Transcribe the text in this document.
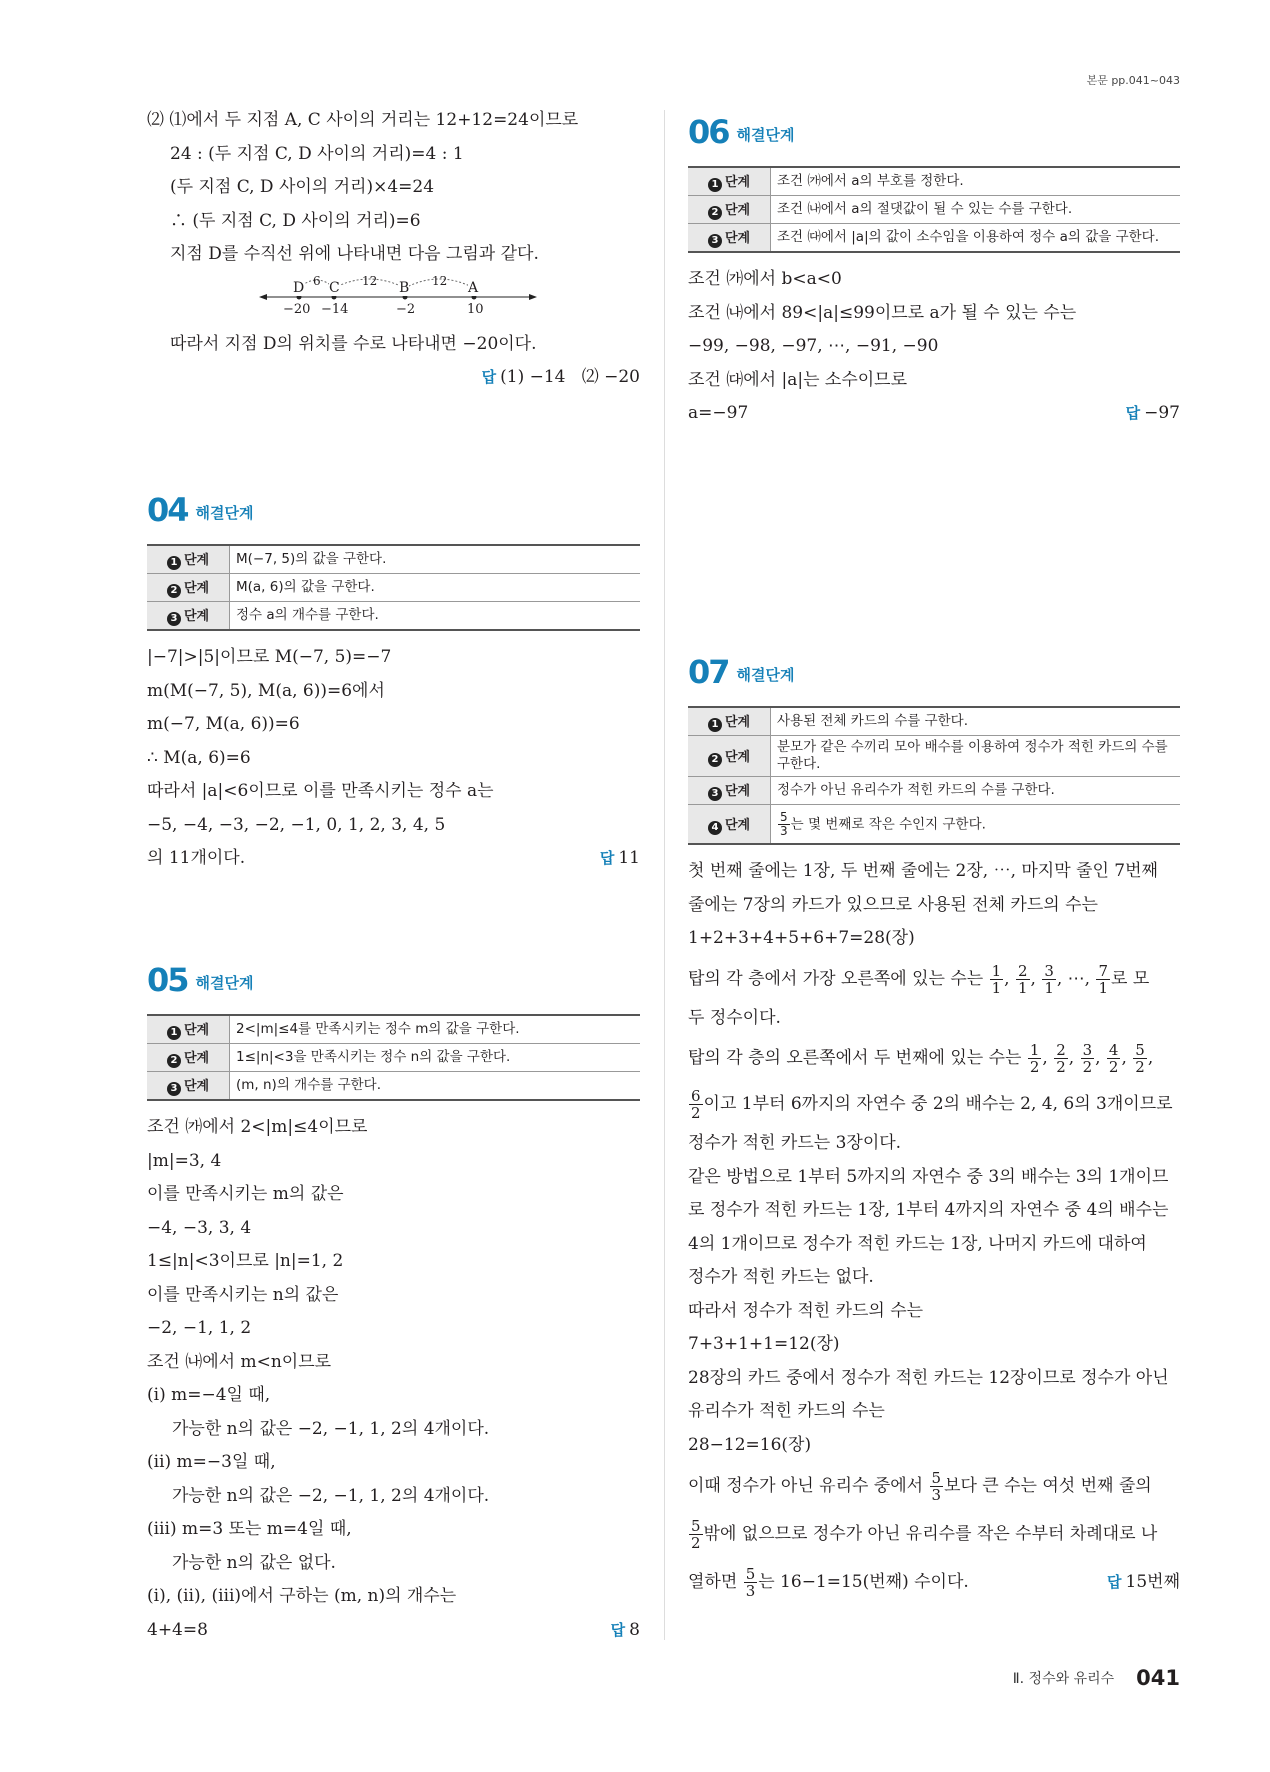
본문 pp.041~043
⑵ ⑴에서 두 지점 A, C 사이의 거리는 12+12=24이므로
24 : (두 지점 C, D 사이의 거리)=4 : 1
(두 지점 C, D 사이의 거리)×4=24
∴ (두 지점 C, D 사이의 거리)=6
지점 D를 수직선 위에 나타내면 다음 그림과 같다.
D C	B	A
6	12	12
−20 −14	−2	10
따라서 지점 D의 위치를 수로 나타내면 −20이다.
답 (1) −14   ⑵ −20
04 해결단계
1 단계	M(−7, 5)의 값을 구한다.
2 단계	M(a, 6)의 값을 구한다.
3 단계	정수 a의 개수를 구한다.
|−7|>|5|이므로 M(−7, 5)=−7
m(M(−7, 5), M(a, 6))=6에서
m(−7, M(a, 6))=6
∴ M(a, 6)=6
따라서 |a|<6이므로 이를 만족시키는 정수 a는
−5, −4, −3, −2, −1, 0, 1, 2, 3, 4, 5
의 11개이다.	답 11
05 해결단계
1 단계	2<|m|≤4를 만족시키는 정수 m의 값을 구한다.
2 단계	1≤|n|<3을 만족시키는 정수 n의 값을 구한다.
3 단계	(m, n)의 개수를 구한다.
조건 ㈎에서 2<|m|≤4이므로
|m|=3, 4
이를 만족시키는 m의 값은
−4, −3, 3, 4
1≤|n|<3이므로 |n|=1, 2
이를 만족시키는 n의 값은
−2, −1, 1, 2
조건 ㈏에서 m<n이므로
(ⅰ) m=−4일 때,
가능한 n의 값은 −2, −1, 1, 2의 4개이다.
(ⅱ) m=−3일 때,
가능한 n의 값은 −2, −1, 1, 2의 4개이다.
(ⅲ) m=3 또는 m=4일 때,
가능한 n의 값은 없다.
(ⅰ), (ⅱ), (ⅲ)에서 구하는 (m, n)의 개수는
4+4=8	답 8
06 해결단계
1 단계	조건 ㈎에서 a의 부호를 정한다.
2 단계	조건 ㈏에서 a의 절댓값이 될 수 있는 수를 구한다.
3 단계	조건 ㈐에서 |a|의 값이 소수임을 이용하여 정수 a의 값을 구한다.
조건 ㈎에서 b<a<0
조건 ㈏에서 89<|a|≤99이므로 a가 될 수 있는 수는
−99, −98, −97, ⋯, −91, −90
조건 ㈐에서 |a|는 소수이므로
a=−97	답 −97
07 해결단계
1 단계	사용된 전체 카드의 수를 구한다.
2 단계	분모가 같은 수끼리 모아 배수를 이용하여 정수가 적힌 카드의 수를 구한다.
3 단계	정수가 아닌 유리수가 적힌 카드의 수를 구한다.
4 단계	$\frac{5}{3}$ 는 몇 번째로 작은 수인지 구한다.
첫 번째 줄에는 1장, 두 번째 줄에는 2장, ⋯, 마지막 줄인 7번째
줄에는 7장의 카드가 있으므로 사용된 전체 카드의 수는
1+2+3+4+5+6+7=28(장)
탑의 각 층에서 가장 오른쪽에 있는 수는 $\frac{1}{1}$ , $\frac{2}{1}$ , $\frac{3}{1}$ , ⋯, $\frac{7}{1}$ 로 모
두 정수이다.
탑의 각 층의 오른쪽에서 두 번째에 있는 수는 $\frac{1}{2}$ , $\frac{2}{2}$ , $\frac{3}{2}$ , $\frac{4}{2}$ , $\frac{5}{2}$ ,
$\frac{6}{2}$ 이고 1부터 6까지의 자연수 중 2의 배수는 2, 4, 6의 3개이므로
정수가 적힌 카드는 3장이다.
같은 방법으로 1부터 5까지의 자연수 중 3의 배수는 3의 1개이므
로 정수가 적힌 카드는 1장, 1부터 4까지의 자연수 중 4의 배수는
4의 1개이므로 정수가 적힌 카드는 1장, 나머지 카드에 대하여
정수가 적힌 카드는 없다.
따라서 정수가 적힌 카드의 수는
7+3+1+1=12(장)
28장의 카드 중에서 정수가 적힌 카드는 12장이므로 정수가 아닌
유리수가 적힌 카드의 수는
28−12=16(장)
이때 정수가 아닌 유리수 중에서 $\frac{5}{3}$ 보다 큰 수는 여섯 번째 줄의
$\frac{5}{2}$ 밖에 없으므로 정수가 아닌 유리수를 작은 수부터 차례대로 나
열하면 $\frac{5}{3}$ 는 16−1=15(번째) 수이다.	답 15번째
Ⅱ. 정수와 유리수 041
